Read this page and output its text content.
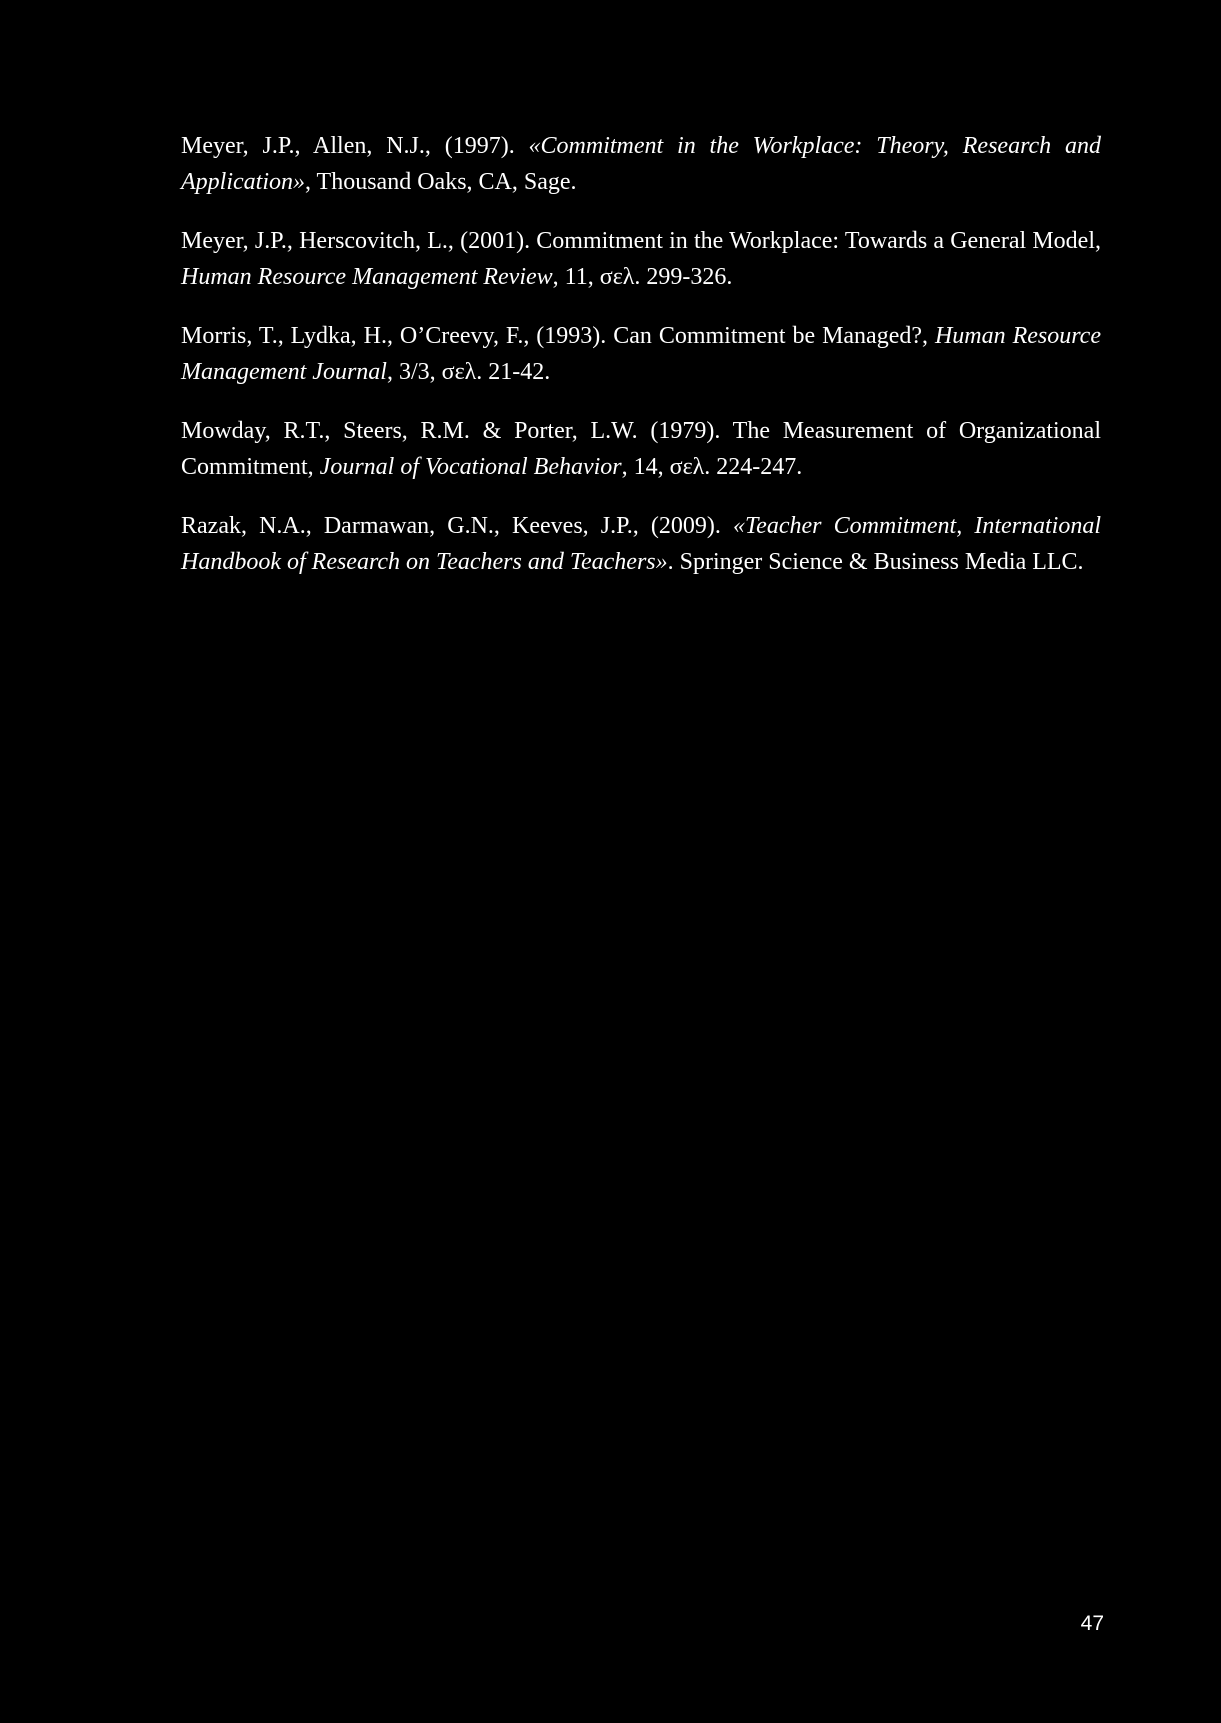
Meyer, J.P., Allen, N.J., (1997). «Commitment in the Workplace: Theory, Research and Application», Thousand Oaks, CA, Sage.

Meyer, J.P., Herscovitch, L., (2001). Commitment in the Workplace: Towards a General Model, Human Resource Management Review, 11, σελ. 299-326.

Morris, T., Lydka, H., O’Creevy, F., (1993). Can Commitment be Managed?, Human Resource Management Journal, 3/3, σελ. 21-42.

Mowday, R.T., Steers, R.M. & Porter, L.W. (1979). The Measurement of Organizational Commitment, Journal of Vocational Behavior, 14, σελ. 224-247.

Razak, N.A., Darmawan, G.N., Keeves, J.P., (2009). «Teacher Commitment, International Handbook of Research on Teachers and Teachers». Springer Science & Business Media LLC.

47
